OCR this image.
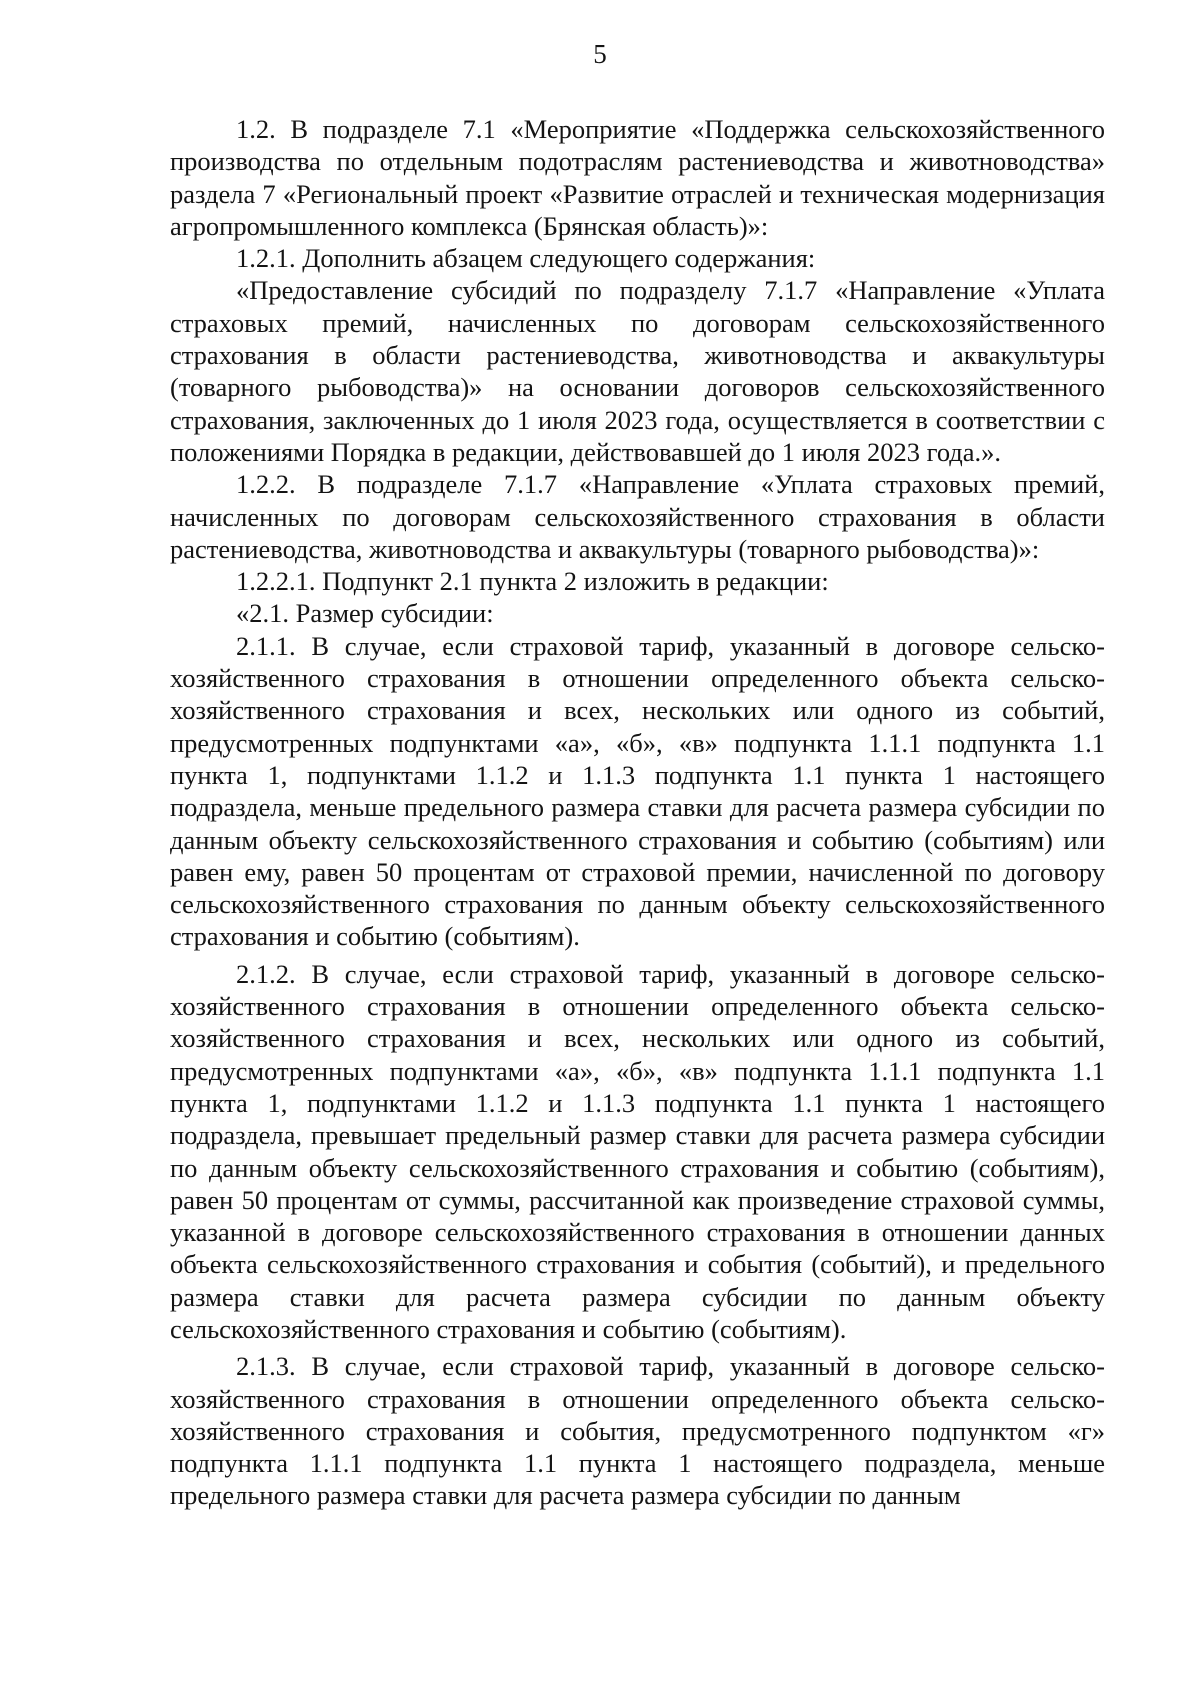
5

1.2. В подразделе 7.1 «Мероприятие «Поддержка сельскохозяйственного производства по отдельным подотраслям растениеводства и животноводства» раздела 7 «Региональный проект «Развитие отраслей и техническая модернизация агропромышленного комплекса (Брянская область)»:

1.2.1. Дополнить абзацем следующего содержания:

«Предоставление субсидий по подразделу 7.1.7 «Направление «Уплата страховых премий, начисленных по договорам сельскохозяйственного страхования в области растениеводства, животноводства и аквакультуры (товарного рыбоводства)» на основании договоров сельскохозяйственного страхования, заключенных до 1 июля 2023 года, осуществляется в соответствии с положениями Порядка в редакции, действовавшей до 1 июля 2023 года.».

1.2.2. В подразделе 7.1.7 «Направление «Уплата страховых премий, начисленных по договорам сельскохозяйственного страхования в области растениеводства, животноводства и аквакультуры (товарного рыбоводства)»:

1.2.2.1. Подпункт 2.1 пункта 2 изложить в редакции:

«2.1. Размер субсидии:

2.1.1. В случае, если страховой тариф, указанный в договоре сельскохозяйственного страхования в отношении определенного объекта сельскохозяйственного страхования и всех, нескольких или одного из событий, предусмотренных подпунктами «а», «б», «в» подпункта 1.1.1 подпункта 1.1 пункта 1, подпунктами 1.1.2 и 1.1.3 подпункта 1.1 пункта 1 настоящего подраздела, меньше предельного размера ставки для расчета размера субсидии по данным объекту сельскохозяйственного страхования и событию (событиям) или равен ему, равен 50 процентам от страховой премии, начисленной по договору сельскохозяйственного страхования по данным объекту сельскохозяйственного страхования и событию (событиям).

2.1.2. В случае, если страховой тариф, указанный в договоре сельскохозяйственного страхования в отношении определенного объекта сельскохозяйственного страхования и всех, нескольких или одного из событий, предусмотренных подпунктами «а», «б», «в» подпункта 1.1.1 подпункта 1.1 пункта 1, подпунктами 1.1.2 и 1.1.3 подпункта 1.1 пункта 1 настоящего подраздела, превышает предельный размер ставки для расчета размера субсидии по данным объекту сельскохозяйственного страхования и событию (событиям), равен 50 процентам от суммы, рассчитанной как произведение страховой суммы, указанной в договоре сельскохозяйственного страхования в отношении данных объекта сельскохозяйственного страхования и события (событий), и предельного размера ставки для расчета размера субсидии по данным объекту сельскохозяйственного страхования и событию (событиям).

2.1.3. В случае, если страховой тариф, указанный в договоре сельскохозяйственного страхования в отношении определенного объекта сельскохозяйственного страхования и события, предусмотренного подпунктом «г» подпункта 1.1.1 подпункта 1.1 пункта 1 настоящего подраздела, меньше предельного размера ставки для расчета размера субсидии по данным
